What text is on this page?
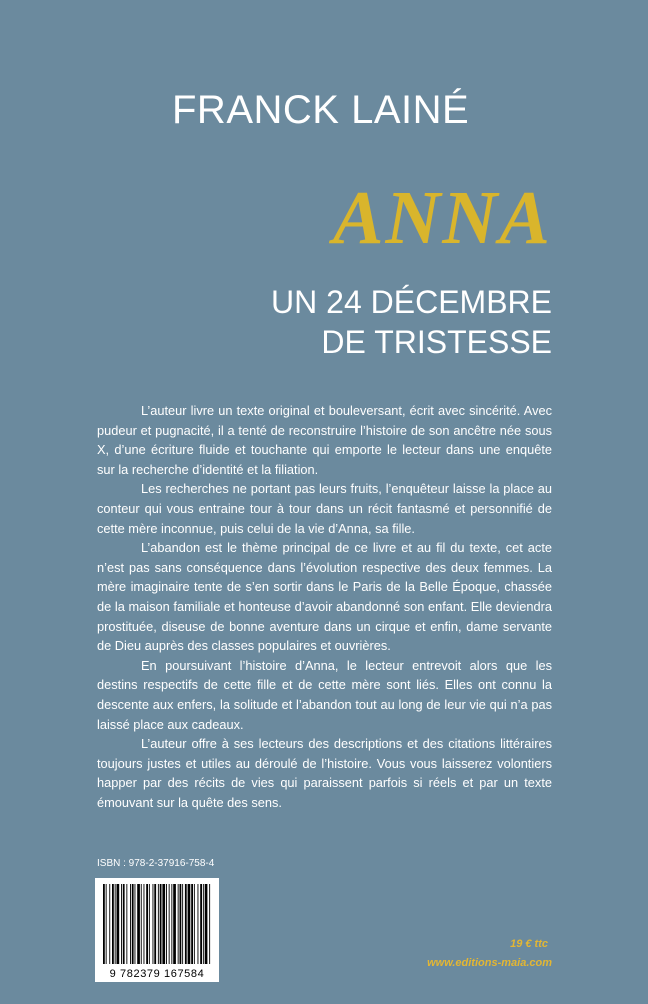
FRANCK LAINÉ
ANNA
UN 24 DÉCEMBRE
DE TRISTESSE

L’auteur livre un texte original et bouleversant, écrit avec sincérité. Avec pudeur et pugnacité, il a tenté de reconstruire l’histoire de son ancêtre née sous X, d’une écriture fluide et touchante qui emporte le lecteur dans une enquête sur la recherche d’identité et la filiation.

Les recherches ne portant pas leurs fruits, l’enquêteur laisse la place au conteur qui vous entraine tour à tour dans un récit fantasmé et personnifié de cette mère inconnue, puis celui de la vie d’Anna, sa fille.

L’abandon est le thème principal de ce livre et au fil du texte, cet acte n’est pas sans conséquence dans l’évolution respective des deux femmes. La mère imaginaire tente de s’en sortir dans le Paris de la Belle Époque, chassée de la maison familiale et honteuse d’avoir abandonné son enfant. Elle deviendra prostituée, diseuse de bonne aventure dans un cirque et enfin, dame servante de Dieu auprès des classes populaires et ouvrières.

En poursuivant l’histoire d’Anna, le lecteur entrevoit alors que les destins respectifs de cette fille et de cette mère sont liés. Elles ont connu la descente aux enfers, la solitude et l’abandon tout au long de leur vie qui n’a pas laissé place aux cadeaux.

L’auteur offre à ses lecteurs des descriptions et des citations littéraires toujours justes et utiles au déroulé de l’histoire. Vous vous laisserez volontiers happer par des récits de vies qui paraissent parfois si réels et par un texte émouvant sur la quête des sens.

ISBN : 978-2-37916-758-4
9 782379 167584
19 € ttc
www.editions-maia.com
